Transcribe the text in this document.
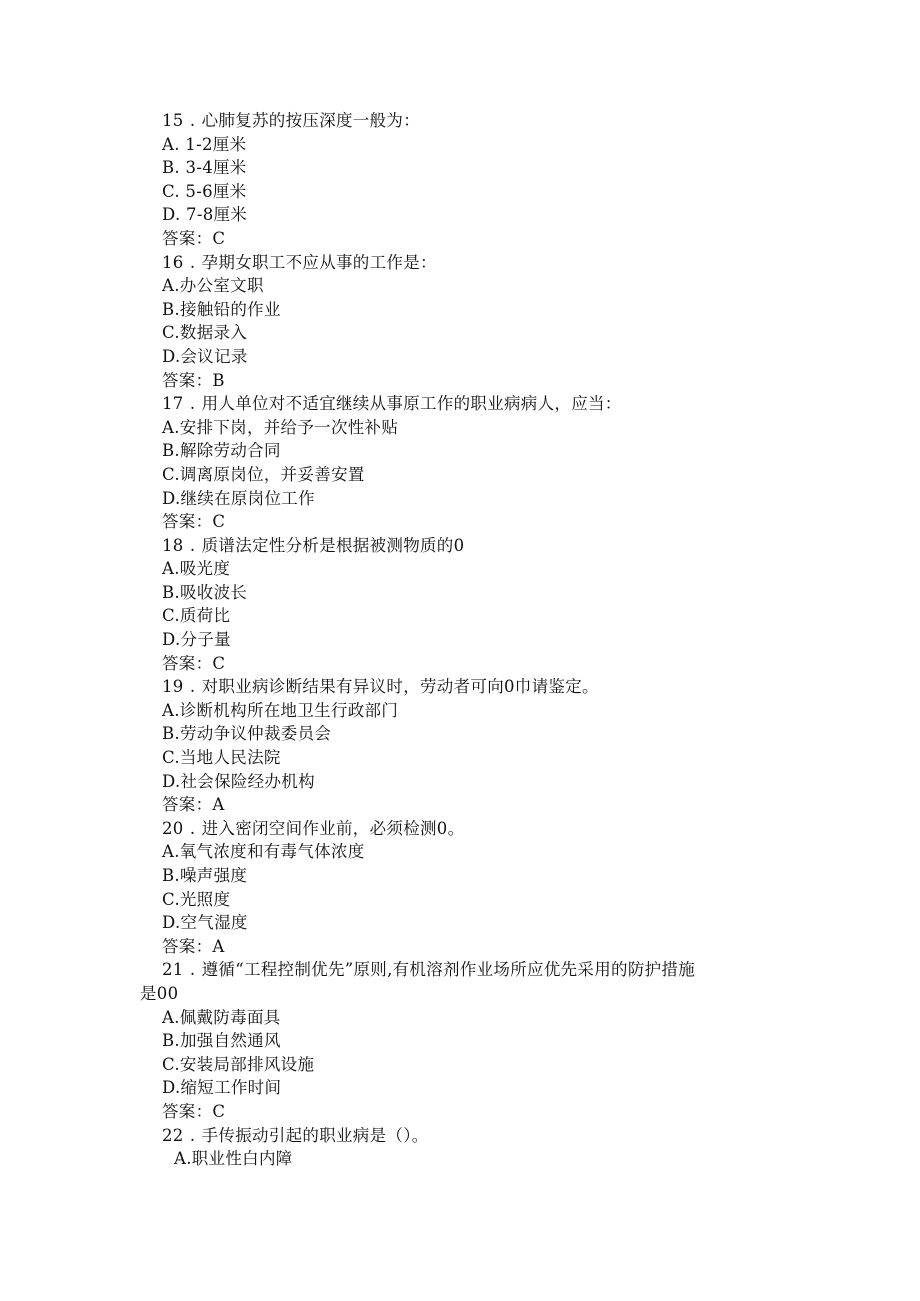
15 . 心肺复苏的按压深度一般为：
A. 1-2厘米
B. 3-4厘米
C. 5-6厘米
D. 7-8厘米
答案：C
16 . 孕期女职工不应从事的工作是：
A.办公室文职
B.接触铅的作业
C.数据录入
D.会议记录
答案：B
17 . 用人单位对不适宜继续从事原工作的职业病病人，应当：
A.安排下岗，并给予一次性补贴
B.解除劳动合同
C.调离原岗位，并妥善安置
D.继续在原岗位工作
答案：C
18 . 质谱法定性分析是根据被测物质的0
A.吸光度
B.吸收波长
C.质荷比
D.分子量
答案：C
19 . 对职业病诊断结果有异议时，劳动者可向0巾请鉴定。
A.诊断机构所在地卫生行政部门
B.劳动争议仲裁委员会
C.当地人民法院
D.社会保险经办机构
答案：A
20 . 进入密闭空间作业前，必须检测0。
A.氧气浓度和有毒气体浓度
B.噪声强度
C.光照度
D.空气湿度
答案：A
21 . 遵循“工程控制优先”原则,有机溶剂作业场所应优先采用的防护措施
是00
A.佩戴防毒面具
B.加强自然通风
C.安装局部排风设施
D.缩短工作时间
答案：C
22 . 手传振动引起的职业病是（）。
A.职业性白内障
